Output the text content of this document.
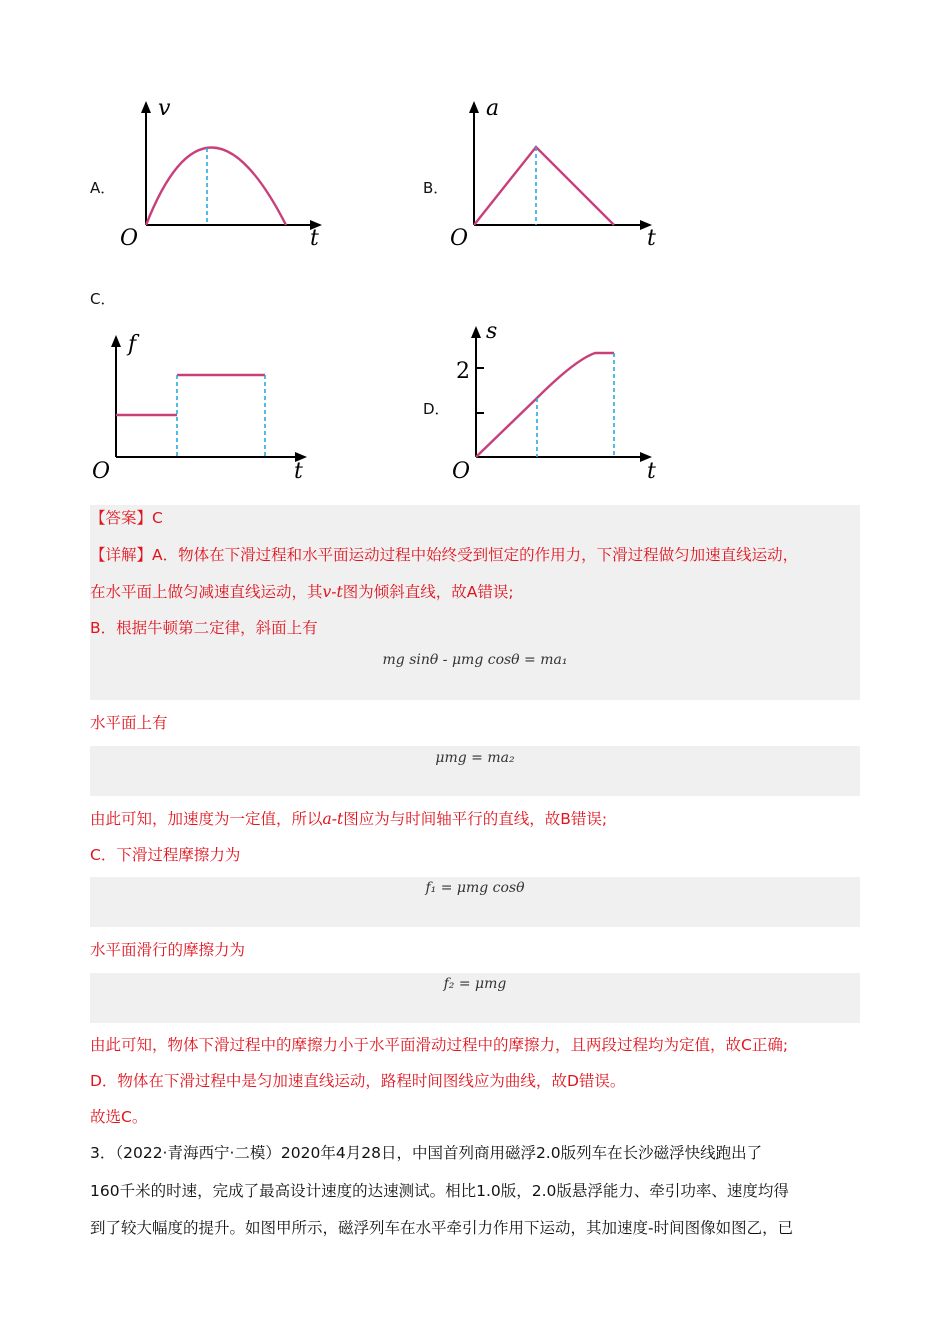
A．
v
t
O
B．
a
t
O
C．
f
t
O
D．
s
2
t
O
【答案】C
【详解】A．物体在下滑过程和水平面运动过程中始终受到恒定的作用力，下滑过程做匀加速直线运动，
在水平面上做匀减速直线运动，其v-t图为倾斜直线，故A错误;
B．根据牛顿第二定律，斜面上有
mg sinθ - μmg cosθ = ma₁
水平面上有
μmg = ma₂
由此可知，加速度为一定值，所以a-t图应为与时间轴平行的直线，故B错误;
C．下滑过程摩擦力为
f₁ = μmg cosθ
水平面滑行的摩擦力为
f₂ = μmg
由此可知，物体下滑过程中的摩擦力小于水平面滑动过程中的摩擦力，且两段过程均为定值，故C正确;
D．物体在下滑过程中是匀加速直线运动，路程时间图线应为曲线，故D错误。
故选C。
3．（2022·青海西宁·二模）2020年4月28日，中国首列商用磁浮2.0版列车在长沙磁浮快线跑出了
160千米的时速，完成了最高设计速度的达速测试。相比1.0版，2.0版悬浮能力、牵引功率、速度均得
到了较大幅度的提升。如图甲所示，磁浮列车在水平牵引力作用下运动，其加速度-时间图像如图乙，已
